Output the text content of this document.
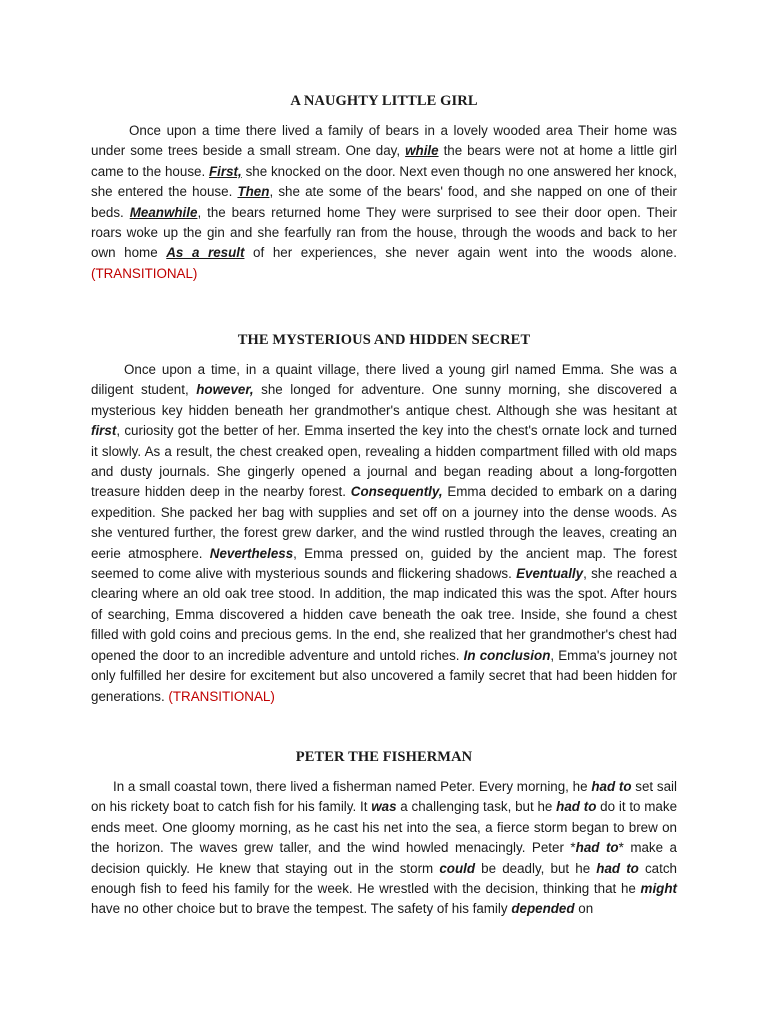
A NAUGHTY LITTLE GIRL

Once upon a time there lived a family of bears in a lovely wooded area Their home was under some trees beside a small stream. One day, while the bears were not at home a little girl came to the house. First, she knocked on the door. Next even though no one answered her knock, she entered the house. Then, she ate some of the bears' food, and she napped on one of their beds. Meanwhile, the bears returned home They were surprised to see their door open. Their roars woke up the gin and she fearfully ran from the house, through the woods and back to her own home As a result of her experiences, she never again went into the woods alone. (TRANSITIONAL)

THE MYSTERIOUS AND HIDDEN SECRET

Once upon a time, in a quaint village, there lived a young girl named Emma. She was a diligent student, however, she longed for adventure. One sunny morning, she discovered a mysterious key hidden beneath her grandmother's antique chest. Although she was hesitant at first, curiosity got the better of her. Emma inserted the key into the chest's ornate lock and turned it slowly. As a result, the chest creaked open, revealing a hidden compartment filled with old maps and dusty journals. She gingerly opened a journal and began reading about a long-forgotten treasure hidden deep in the nearby forest. Consequently, Emma decided to embark on a daring expedition. She packed her bag with supplies and set off on a journey into the dense woods. As she ventured further, the forest grew darker, and the wind rustled through the leaves, creating an eerie atmosphere. Nevertheless, Emma pressed on, guided by the ancient map. The forest seemed to come alive with mysterious sounds and flickering shadows. Eventually, she reached a clearing where an old oak tree stood. In addition, the map indicated this was the spot. After hours of searching, Emma discovered a hidden cave beneath the oak tree. Inside, she found a chest filled with gold coins and precious gems. In the end, she realized that her grandmother's chest had opened the door to an incredible adventure and untold riches. In conclusion, Emma's journey not only fulfilled her desire for excitement but also uncovered a family secret that had been hidden for generations. (TRANSITIONAL)

PETER THE FISHERMAN

In a small coastal town, there lived a fisherman named Peter. Every morning, he had to set sail on his rickety boat to catch fish for his family. It was a challenging task, but he had to do it to make ends meet. One gloomy morning, as he cast his net into the sea, a fierce storm began to brew on the horizon. The waves grew taller, and the wind howled menacingly. Peter *had to* make a decision quickly. He knew that staying out in the storm could be deadly, but he had to catch enough fish to feed his family for the week. He wrestled with the decision, thinking that he might have no other choice but to brave the tempest. The safety of his family depended on
